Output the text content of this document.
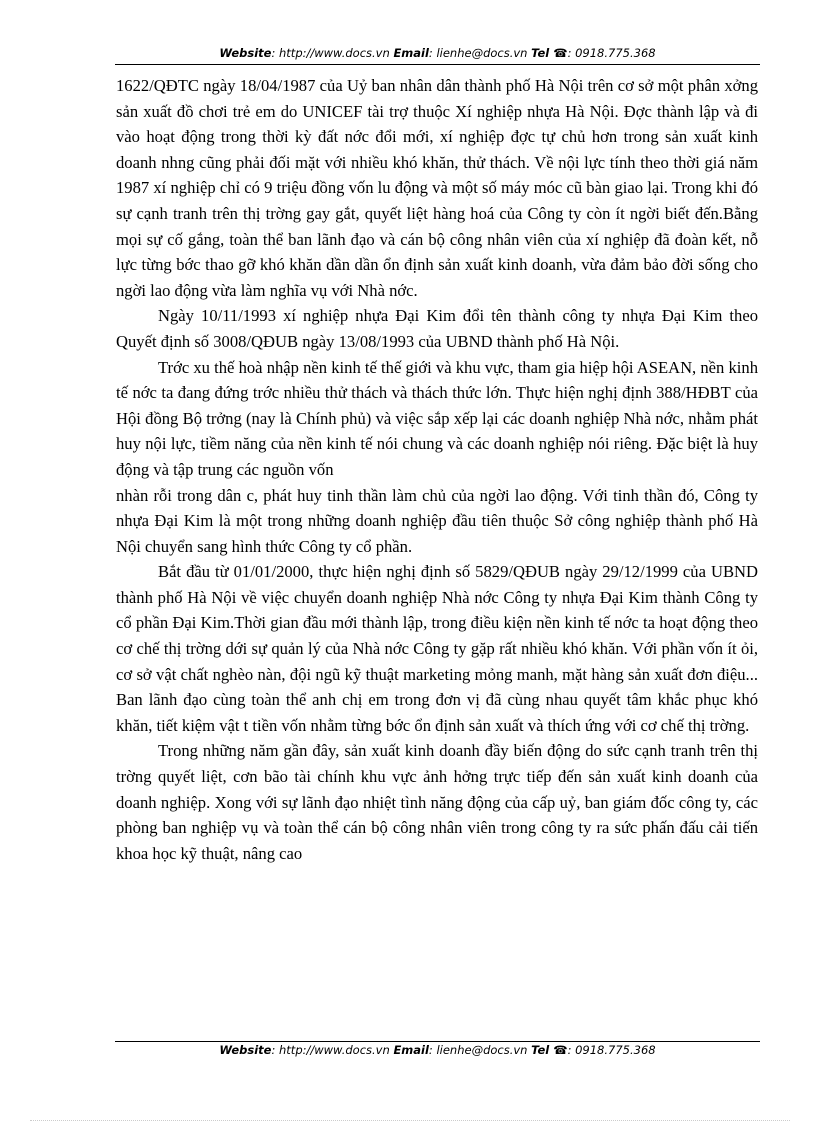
Website: http://www.docs.vn Email: lienhe@docs.vn Tel ☎: 0918.775.368

1622/QĐTC ngày 18/04/1987 của Uỷ ban nhân dân thành phố Hà Nội trên cơ sở một phân xởng sản xuất đồ chơi trẻ em do UNICEF tài trợ thuộc Xí nghiệp nhựa Hà Nội. Đợc thành lập và đi vào hoạt động trong thời kỳ đất nớc đổi mới, xí nghiệp đợc tự chủ hơn trong sản xuất kinh doanh nhng cũng phải đối mặt với nhiều khó khăn, thử thách. Về nội lực tính theo thời giá năm 1987 xí nghiệp chỉ có 9 triệu đồng vốn lu động và một số máy móc cũ bàn giao lại. Trong khi đó sự cạnh tranh trên thị trờng gay gắt, quyết liệt hàng hoá của Công ty còn ít ngời biết đến.Bằng mọi sự cố gắng, toàn thể ban lãnh đạo và cán bộ công nhân viên của xí nghiệp đã đoàn kết, nỗ lực từng bớc thao gỡ khó khăn dần dần ổn định sản xuất kinh doanh, vừa đảm bảo đời sống cho ngời lao động vừa làm nghĩa vụ với Nhà nớc.

Ngày 10/11/1993 xí nghiệp nhựa Đại Kim đổi tên thành công ty nhựa Đại Kim theo Quyết định số 3008/QĐUB ngày 13/08/1993 của UBND thành phố Hà Nội.

Trớc xu thế hoà nhập nền kinh tế thế giới và khu vực, tham gia hiệp hội ASEAN, nền kinh tế nớc ta đang đứng trớc nhiều thử thách và thách thức lớn. Thực hiện nghị định 388/HĐBT của Hội đồng Bộ trởng (nay là Chính phủ) và việc sắp xếp lại các doanh nghiệp Nhà nớc, nhằm phát huy nội lực, tiềm năng của nền kinh tế nói chung và các doanh nghiệp nói riêng. Đặc biệt là huy động và tập trung các nguồn vốn

nhàn rỗi trong dân c, phát huy tinh thần làm chủ của ngời lao động. Với tinh thần đó, Công ty nhựa Đại Kim là một trong những doanh nghiệp đầu tiên thuộc Sở công nghiệp thành phố Hà Nội chuyển sang hình thức Công ty cổ phần.

Bắt đầu từ 01/01/2000, thực hiện nghị định số 5829/QĐUB ngày 29/12/1999 của UBND thành phố Hà Nội về việc chuyển doanh nghiệp Nhà nớc Công ty nhựa Đại Kim thành Công ty cổ phần Đại Kim.Thời gian đầu mới thành lập, trong điều kiện nền kinh tế nớc ta hoạt động theo cơ chế thị trờng dới sự quản lý của Nhà nớc Công ty gặp rất nhiều khó khăn. Với phần vốn ít ỏi, cơ sở vật chất nghèo nàn, đội ngũ kỹ thuật marketing mỏng manh, mặt hàng sản xuất đơn điệu... Ban lãnh đạo cùng toàn thể anh chị em trong đơn vị đã cùng nhau quyết tâm khắc phục khó khăn, tiết kiệm vật t tiền vốn nhằm từng bớc ổn định sản xuất và thích ứng với cơ chế thị trờng.

Trong những năm gần đây, sản xuất kinh doanh đầy biến động do sức cạnh tranh trên thị trờng quyết liệt, cơn bão tài chính khu vực ảnh hởng trực tiếp đến sản xuất kinh doanh của doanh nghiệp. Xong với sự lãnh đạo nhiệt tình năng động của cấp uỷ, ban giám đốc công ty, các phòng ban nghiệp vụ và toàn thể cán bộ công nhân viên trong công ty ra sức phấn đấu cải tiến khoa học kỹ thuật, nâng cao

Website: http://www.docs.vn Email: lienhe@docs.vn Tel ☎: 0918.775.368
